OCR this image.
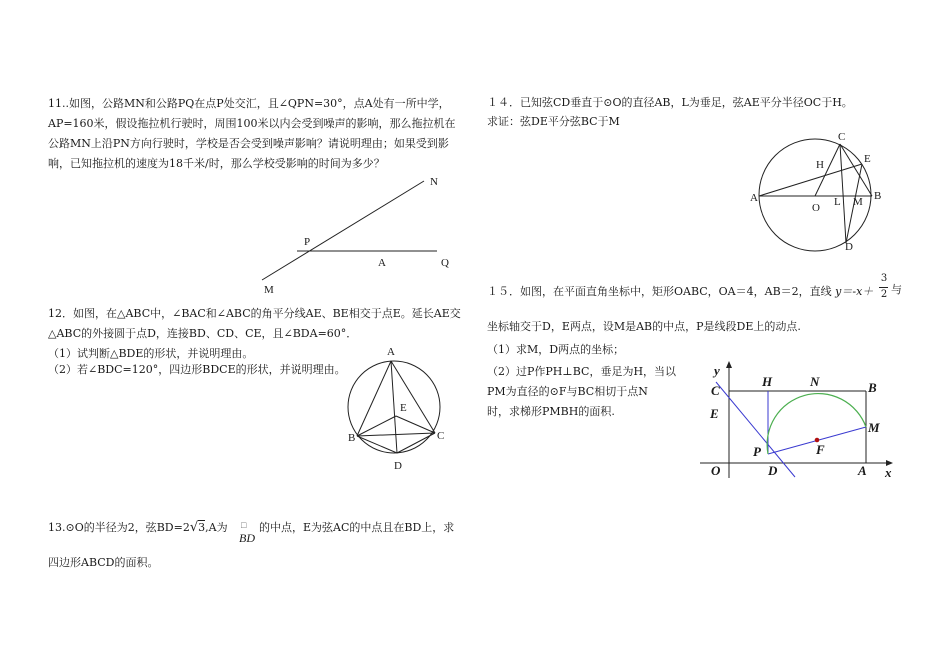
11..如图，公路MN和公路PQ在点P处交汇，且∠QPN=30°，点A处有一所中学，
AP=160米，假设拖拉机行驶时，周围100米以内会受到噪声的影响，那么拖拉机在
公路MN上沿PN方向行驶时，学校是否会受到噪声影响？请说明理由；如果受到影
响，已知拖拉机的速度为18千米/时，那么学校受影响的时间为多少？
N
P
A	Q
M
12．如图，在△ABC中，∠BAC和∠ABC的角平分线AE、BE相交于点E。延长AE交
△ABC的外接圆于点D，连接BD、CD、CE，且∠BDA=60°．
（1）试判断△BDE的形状，并说明理由。
（2）若∠BDC=120°，四边形BDCE的形状，并说明理由。
A
E
B	C
D
13.⊙O的半径为2，弦BD=2√3,A为 □
BD
的中点，E为弦AC的中点且在BD上，求
四边形ABCD的面积。
１４．已知弦CD垂直于⊙O的直径AB，L为垂足，弦AE平分半径OC于H。
求证：弦DE平分弦BC于M
C
H	E
A
O L M B
D
１５．如图，在平面直角坐标中，矩形OABC，OA＝4，AB＝2，直线 y＝-x＋
3
2 与
坐标轴交于D，E两点，设M是AB的中点，P是线段DE上的动点.
（1）求M，D两点的坐标；
（2）过P作PH⊥BC，垂足为H，当以
PM为直径的⊙F与BC相切于点N
时，求梯形PMBH的面积.
y
C
H	N	B
E
M
P	F
O	D	A x
